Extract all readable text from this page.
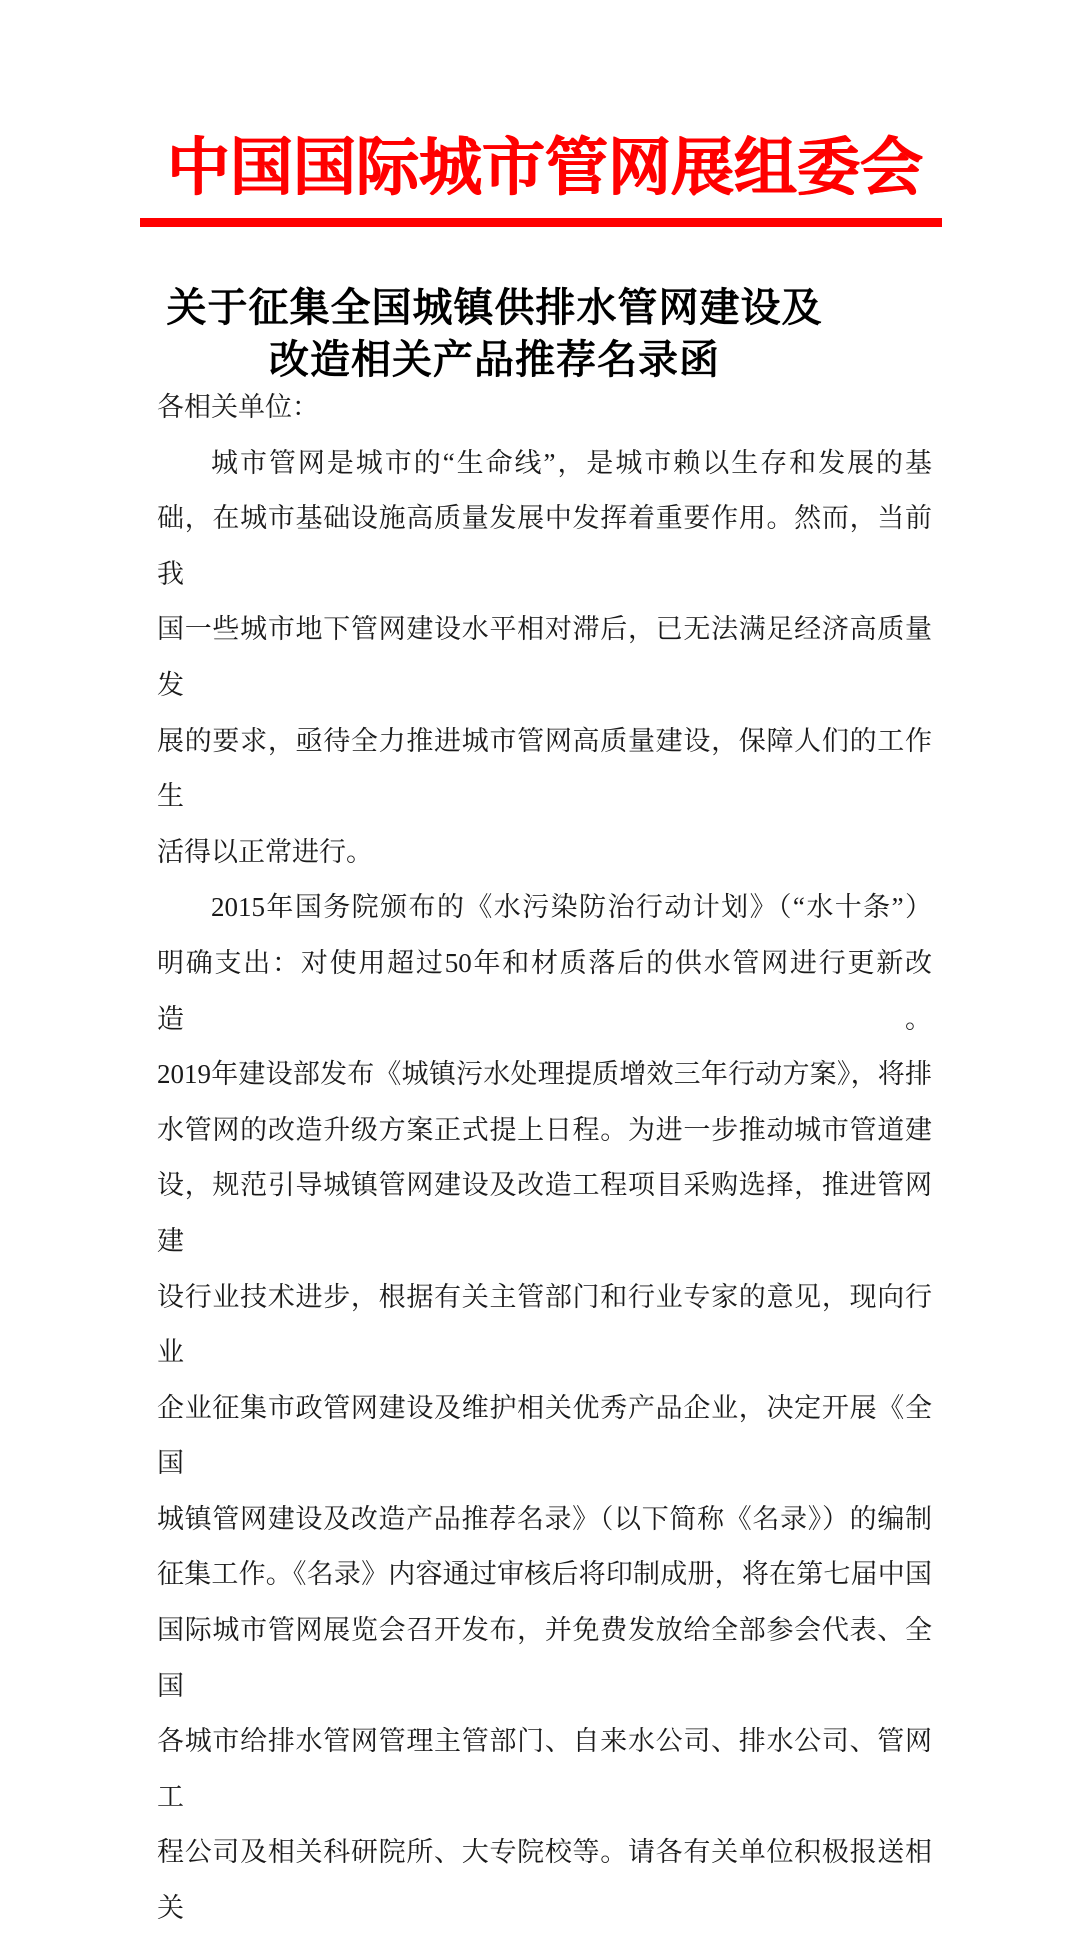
中国国际城市管网展组委会
关于征集全国城镇供排水管网建设及
改造相关产品推荐名录函
各相关单位：
城市管网是城市的“生命线”，是城市赖以生存和发展的基
础，在城市基础设施高质量发展中发挥着重要作用。然而，当前我
国一些城市地下管网建设水平相对滞后，已无法满足经济高质量发
展的要求，亟待全力推进城市管网高质量建设，保障人们的工作生
活得以正常进行。
2015年国务院颁布的《水污染防治行动计划》（“水十条”）
明确支出：对使用超过50年和材质落后的供水管网进行更新改造。
2019年建设部发布《城镇污水处理提质增效三年行动方案》，将排
水管网的改造升级方案正式提上日程。为进一步推动城市管道建
设，规范引导城镇管网建设及改造工程项目采购选择，推进管网建
设行业技术进步，根据有关主管部门和行业专家的意见，现向行业
企业征集市政管网建设及维护相关优秀产品企业，决定开展《全国
城镇管网建设及改造产品推荐名录》（以下简称《名录》）的编制
征集工作。《名录》内容通过审核后将印制成册，将在第七届中国
国际城市管网展览会召开发布，并免费发放给全部参会代表、全国
各城市给排水管网管理主管部门、自来水公司、排水公司、管网工
程公司及相关科研院所、大专院校等。请各有关单位积极报送相关
